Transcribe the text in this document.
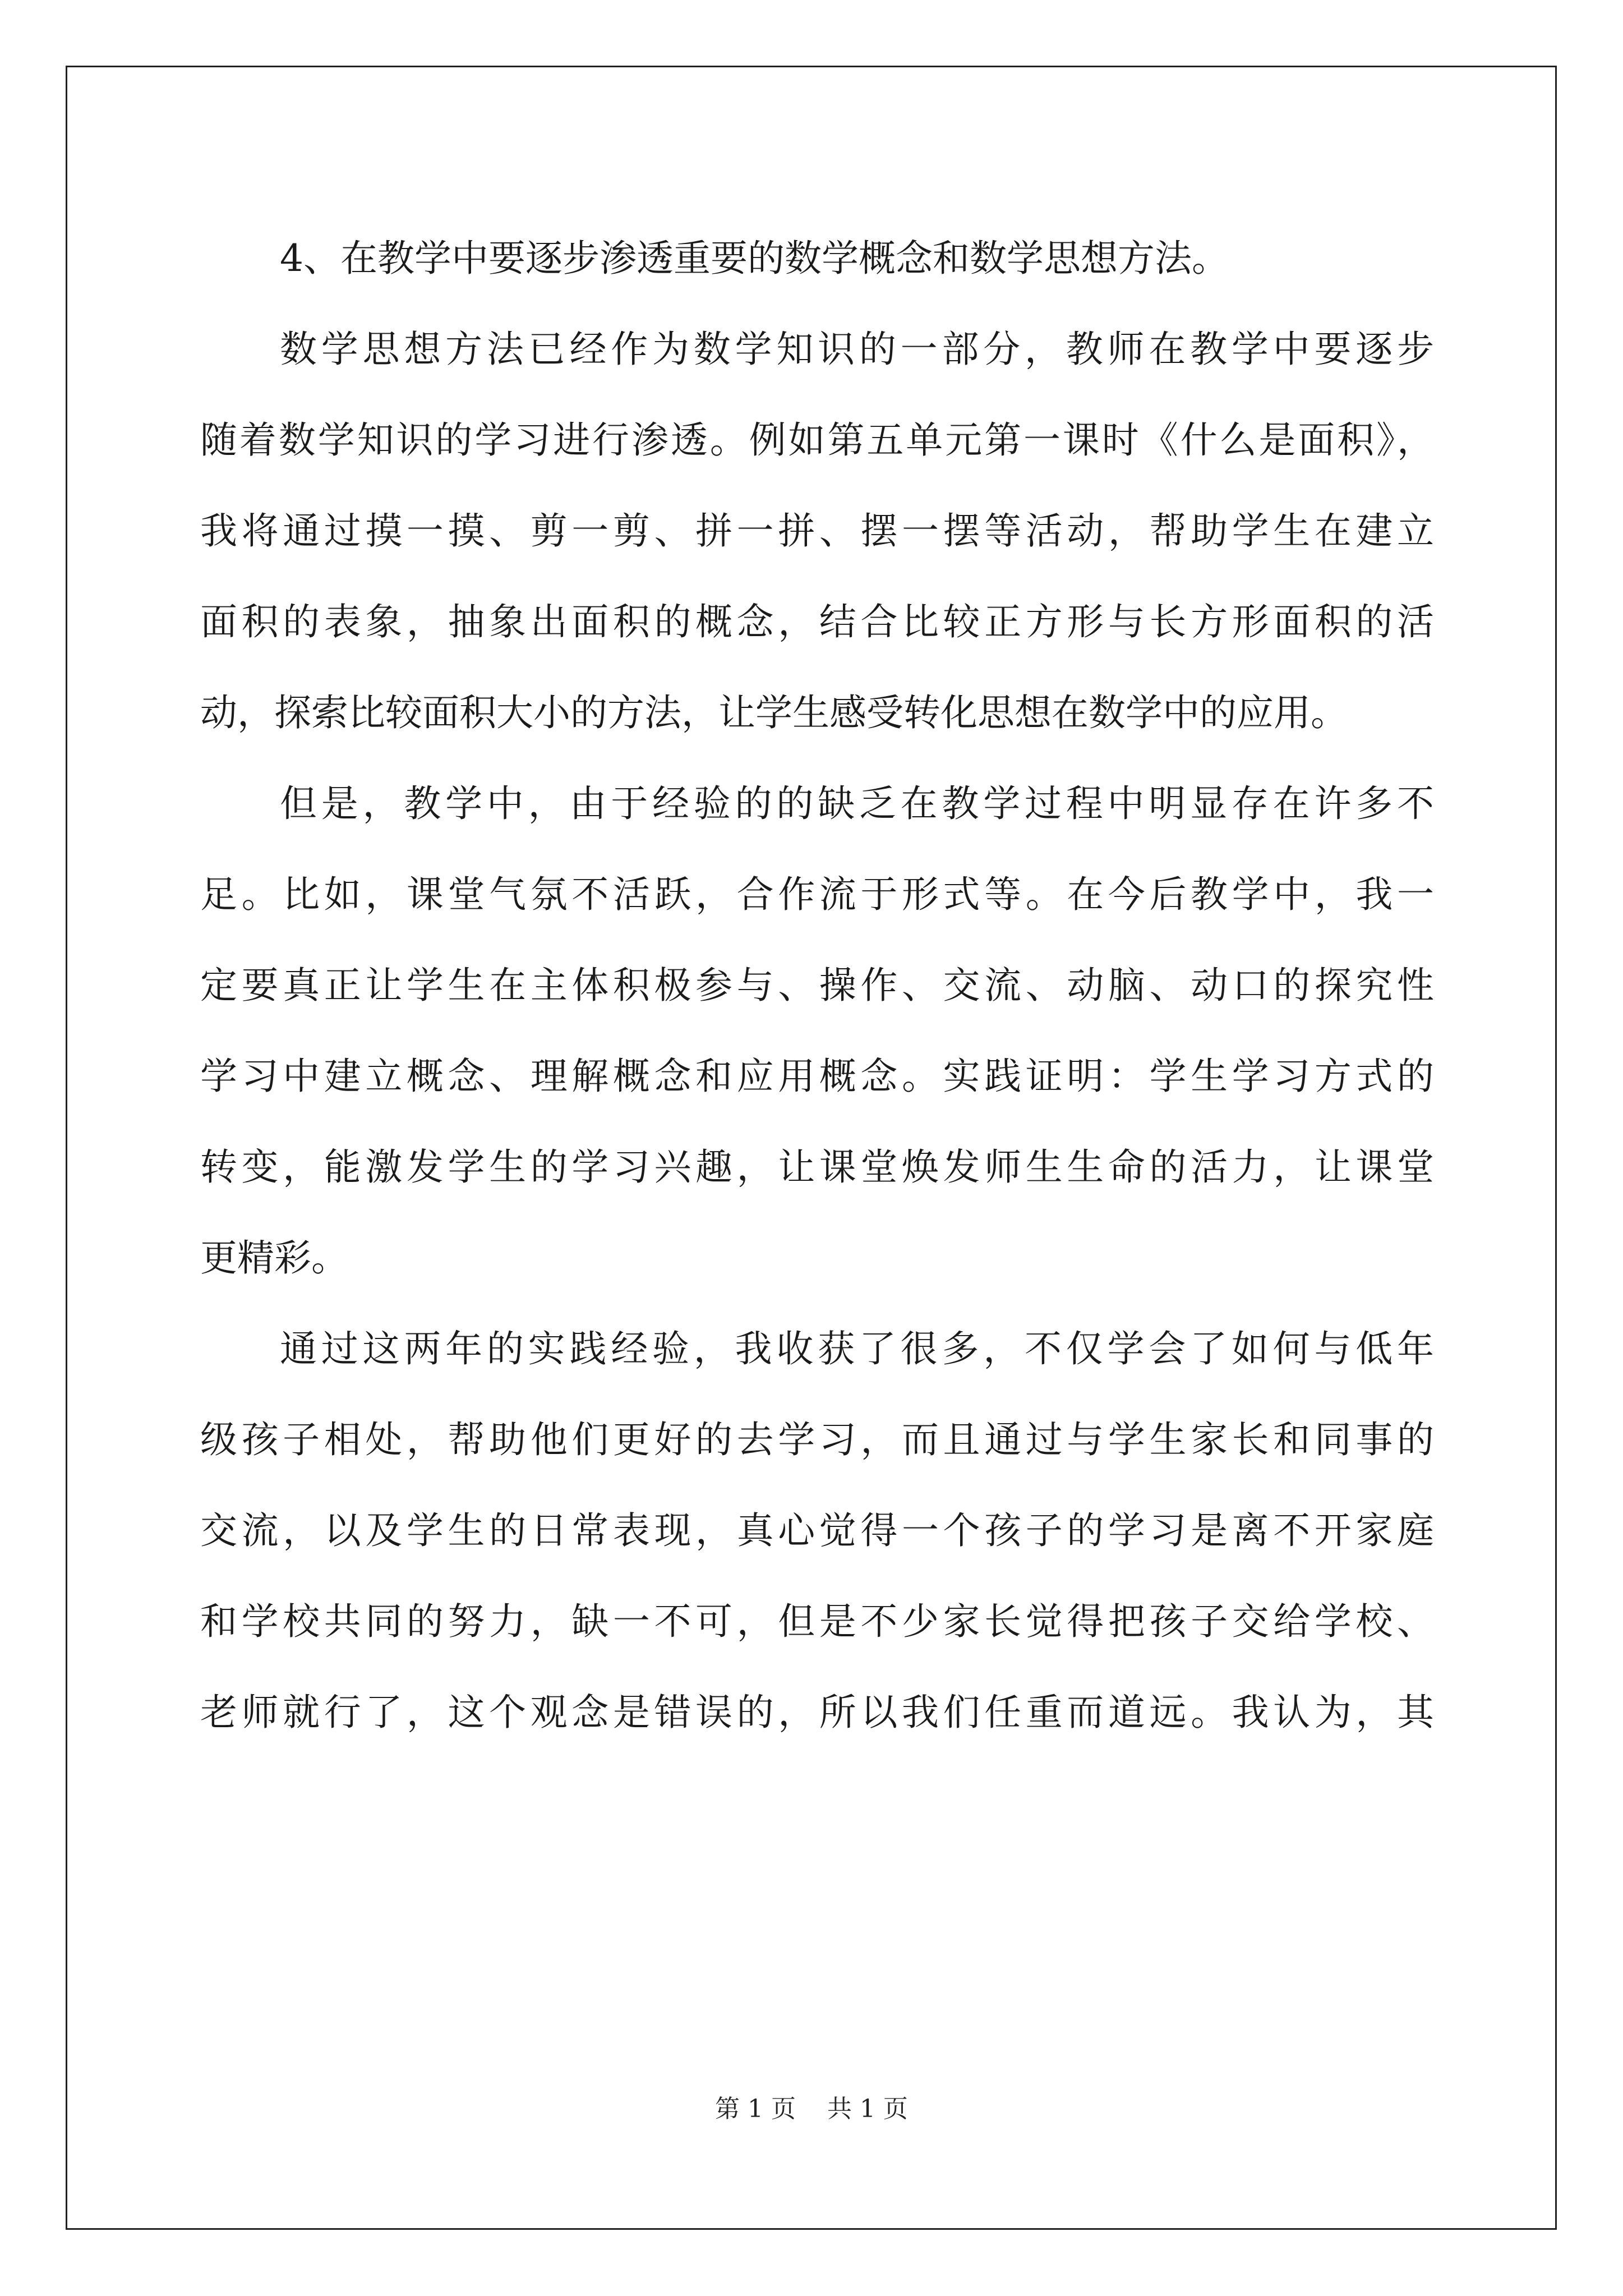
4、在教学中要逐步渗透重要的数学概念和数学思想方法。
数学思想方法已经作为数学知识的一部分，教师在教学中要逐步
随着数学知识的学习进行渗透。例如第五单元第一课时《什么是面积》，
我将通过摸一摸、剪一剪、拼一拼、摆一摆等活动，帮助学生在建立
面积的表象，抽象出面积的概念，结合比较正方形与长方形面积的活
动，探索比较面积大小的方法，让学生感受转化思想在数学中的应用。
但是，教学中，由于经验的的缺乏在教学过程中明显存在许多不
足。比如，课堂气氛不活跃，合作流于形式等。在今后教学中，我一
定要真正让学生在主体积极参与、操作、交流、动脑、动口的探究性
学习中建立概念、理解概念和应用概念。实践证明：学生学习方式的
转变，能激发学生的学习兴趣，让课堂焕发师生生命的活力，让课堂
更精彩。
通过这两年的实践经验，我收获了很多，不仅学会了如何与低年
级孩子相处，帮助他们更好的去学习，而且通过与学生家长和同事的
交流，以及学生的日常表现，真心觉得一个孩子的学习是离不开家庭
和学校共同的努力，缺一不可，但是不少家长觉得把孩子交给学校、
老师就行了，这个观念是错误的，所以我们任重而道远。我认为，其
第 1 页    共 1 页
